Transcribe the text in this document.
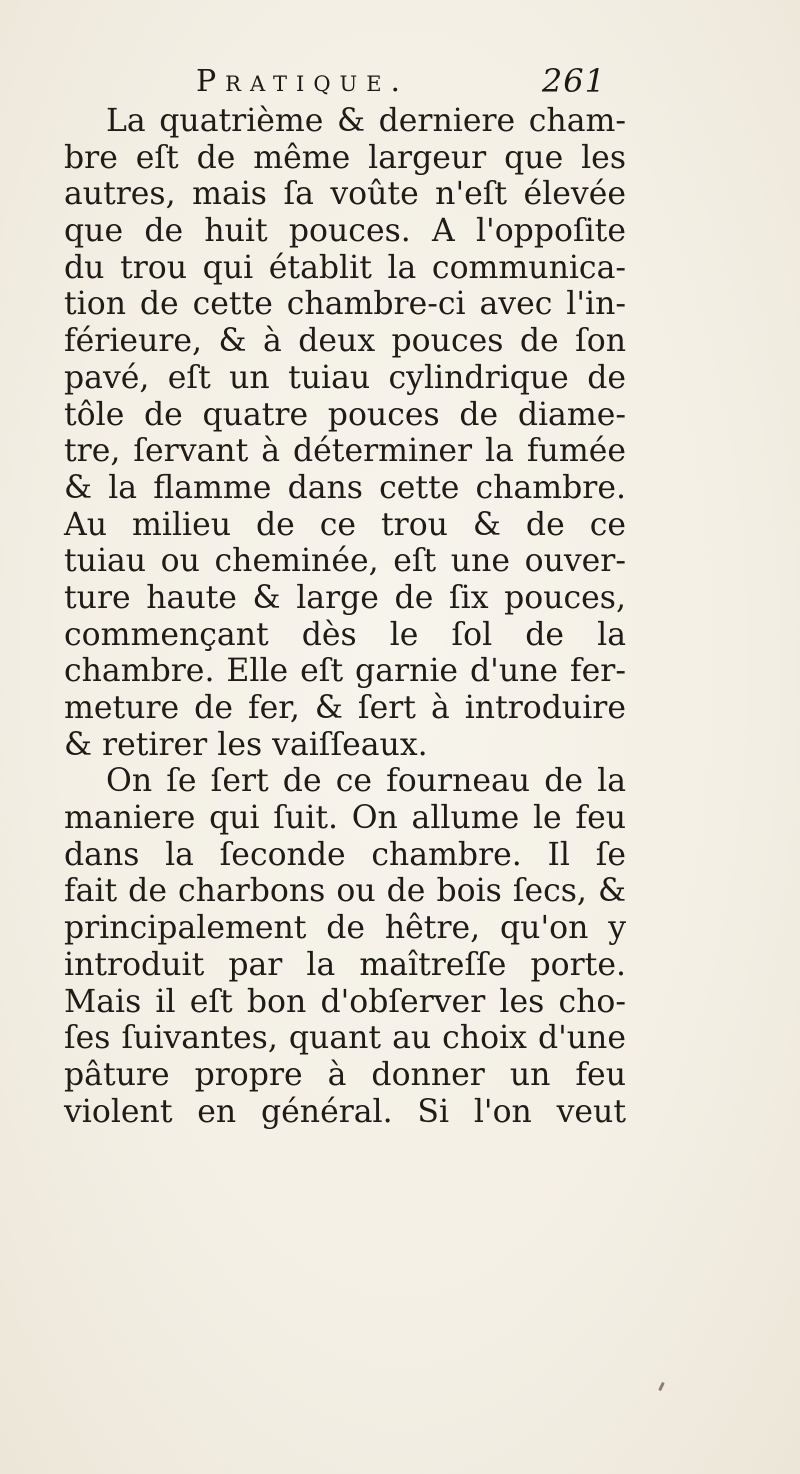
Pratique.	261
La quatrième & derniere cham-
bre eſt de même largeur que les
autres, mais ſa voûte n'eſt élevée
que de huit pouces. A l'oppoſite
du trou qui établit la communica-
tion de cette chambre-ci avec l'in-
férieure, & à deux pouces de ſon
pavé, eſt un tuiau cylindrique de
tôle de quatre pouces de diame-
tre, ſervant à déterminer la fumée
& la flamme dans cette chambre.
Au milieu de ce trou & de ce
tuiau ou cheminée, eſt une ouver-
ture haute & large de ſix pouces,
commençant dès le ſol de la
chambre. Elle eſt garnie d'une fer-
meture de fer, & ſert à introduire
& retirer les vaiſſeaux.
On ſe ſert de ce fourneau de la
maniere qui ſuit. On allume le feu
dans la ſeconde chambre. Il ſe
fait de charbons ou de bois ſecs, &
principalement de hêtre, qu'on y
introduit par la maîtreſſe porte.
Mais il eſt bon d'obſerver les cho-
ſes ſuivantes, quant au choix d'une
pâture propre à donner un feu
violent en général. Si l'on veut
